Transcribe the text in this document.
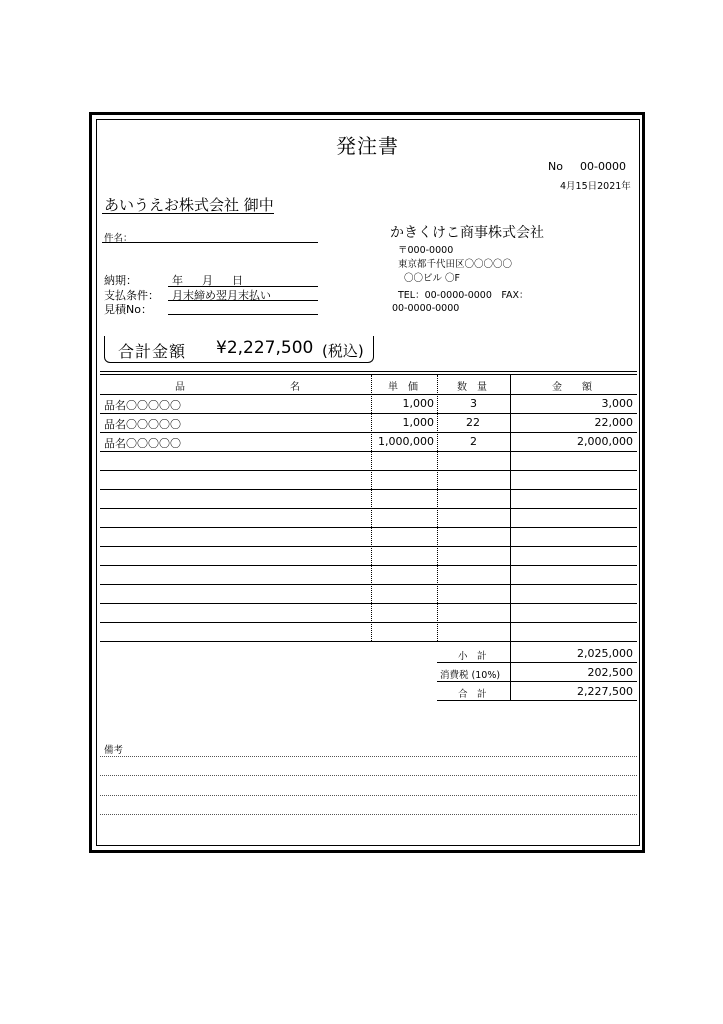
発注書
No 00-0000
4月15日2021年
あいうえお株式会社 御中
件名：
納期：	年　月　日
支払条件： 月末締め翌月末払い
見積No：
かきくけこ商事株式会社
〒000-0000
東京都千代田区〇〇〇〇〇
〇〇ビル 〇F
TEL：00-0000-0000　FAX：
00-0000-0000
合計金額 ¥2,227,500 (税込)
品	名	単　価	数　量	金　　額
品名〇〇〇〇〇	1,000	3	3,000
品名〇〇〇〇〇	1,000	22	22,000
品名〇〇〇〇〇	1,000,000	2	2,000,000
小　計	2,025,000
消費税 (10%)	202,500
合　計	2,227,500
備考
